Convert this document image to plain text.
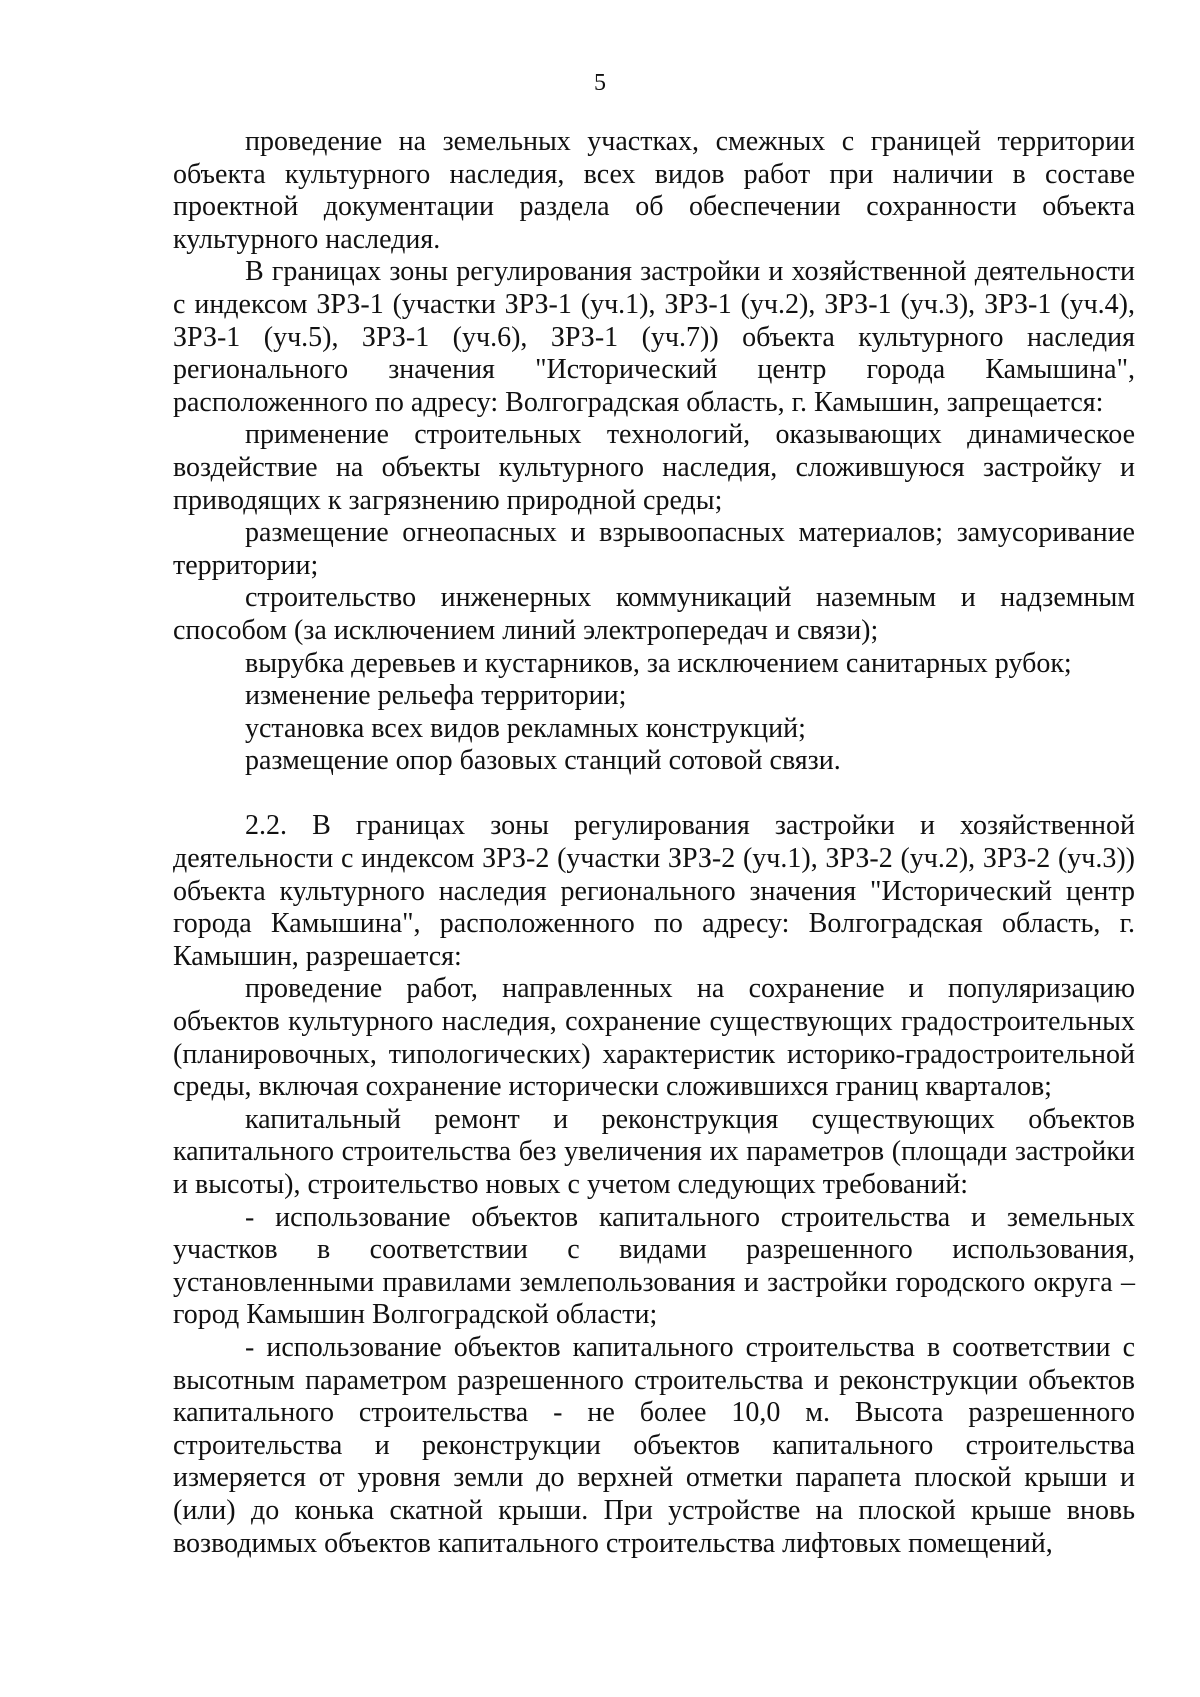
5

проведение на земельных участках, смежных с границей территории объекта культурного наследия, всех видов работ при наличии в составе проектной документации раздела об обеспечении сохранности объекта культурного наследия.

В границах зоны регулирования застройки и хозяйственной деятельности с индексом ЗРЗ-1 (участки ЗРЗ-1 (уч.1), ЗРЗ-1 (уч.2), ЗРЗ-1 (уч.3), ЗРЗ-1 (уч.4), ЗРЗ-1 (уч.5), ЗРЗ-1 (уч.6), ЗРЗ-1 (уч.7)) объекта культурного наследия регионального значения "Исторический центр города Камышина", расположенного по адресу: Волгоградская область, г. Камышин, запрещается:

применение строительных технологий, оказывающих динамическое воздействие на объекты культурного наследия, сложившуюся застройку и приводящих к загрязнению природной среды;

размещение огнеопасных и взрывоопасных материалов; замусоривание территории;

строительство инженерных коммуникаций наземным и надземным способом (за исключением линий электропередач и связи);

вырубка деревьев и кустарников, за исключением санитарных рубок;

изменение рельефа территории;

установка всех видов рекламных конструкций;

размещение опор базовых станций сотовой связи.

2.2. В границах зоны регулирования застройки и хозяйственной деятельности с индексом ЗРЗ-2 (участки ЗРЗ-2 (уч.1), ЗРЗ-2 (уч.2), ЗРЗ-2 (уч.3)) объекта культурного наследия регионального значения "Исторический центр города Камышина", расположенного по адресу: Волгоградская область, г. Камышин, разрешается:

проведение работ, направленных на сохранение и популяризацию объектов культурного наследия, сохранение существующих градостроительных (планировочных, типологических) характеристик историко-градостроительной среды, включая сохранение исторически сложившихся границ кварталов;

капитальный ремонт и реконструкция существующих объектов капитального строительства без увеличения их параметров (площади застройки и высоты), строительство новых с учетом следующих требований:

- использование объектов капитального строительства и земельных участков в соответствии с видами разрешенного использования, установленными правилами землепользования и застройки городского округа – город Камышин Волгоградской области;

- использование объектов капитального строительства в соответствии с высотным параметром разрешенного строительства и реконструкции объектов капитального строительства - не более 10,0 м. Высота разрешенного строительства и реконструкции объектов капитального строительства измеряется от уровня земли до верхней отметки парапета плоской крыши и (или) до конька скатной крыши. При устройстве на плоской крыше вновь возводимых объектов капитального строительства лифтовых помещений,
